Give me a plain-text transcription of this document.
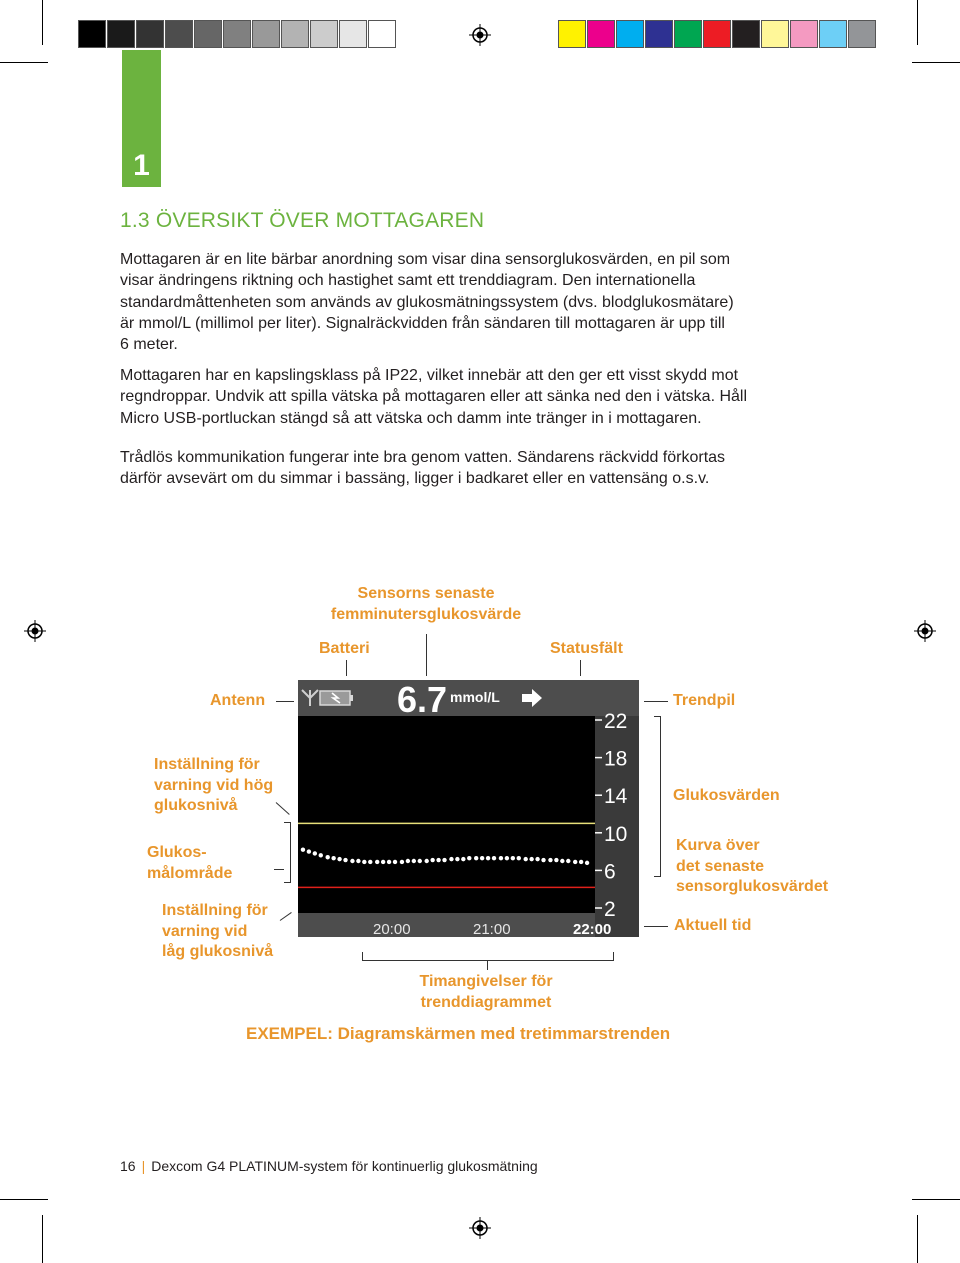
1
1.3 ÖVERSIKT ÖVER MOTTAGAREN

Mottagaren är en lite bärbar anordning som visar dina sensorglukosvärden, en pil som

visar ändringens riktning och hastighet samt ett trenddiagram. Den internationella

standardmåttenheten som används av glukosmätningssystem (dvs. blodglukosmätare)

är mmol/L (millimol per liter). Signalräckvidden från sändaren till mottagaren är upp till

6 meter.

Mottagaren har en kapslingsklass på IP22, vilket innebär att den ger ett visst skydd mot

regndroppar. Undvik att spilla vätska på mottagaren eller att sänka ned den i vätska. Håll

Micro USB-portluckan stängd så att vätska och damm inte tränger in i mottagaren.

Trådlös kommunikation fungerar inte bra genom vatten. Sändarens räckvidd förkortas

därför avsevärt om du simmar i bassäng, ligger i badkaret eller en vattensäng o.s.v.

Sensorns senaste
femminutersglukosvärde
Batteri	Statusfält
Antenn	Trendpil
Inställning för
varning vid hög
glukosnivå
Glukosvärden
Glukos-
målområde
Kurva över
det senaste
sensorglukosvärdet
Inställning för
varning vid
låg glukosnivå
Aktuell tid
Timangivelser för
trenddiagrammet
EXEMPEL: Diagramskärmen med tretimmarstrenden
6.7 mmol/L
22
18
14
10
6
2
20:00	21:00	22:00
16 | Dexcom G4 PLATINUM-system för kontinuerlig glukosmätning
